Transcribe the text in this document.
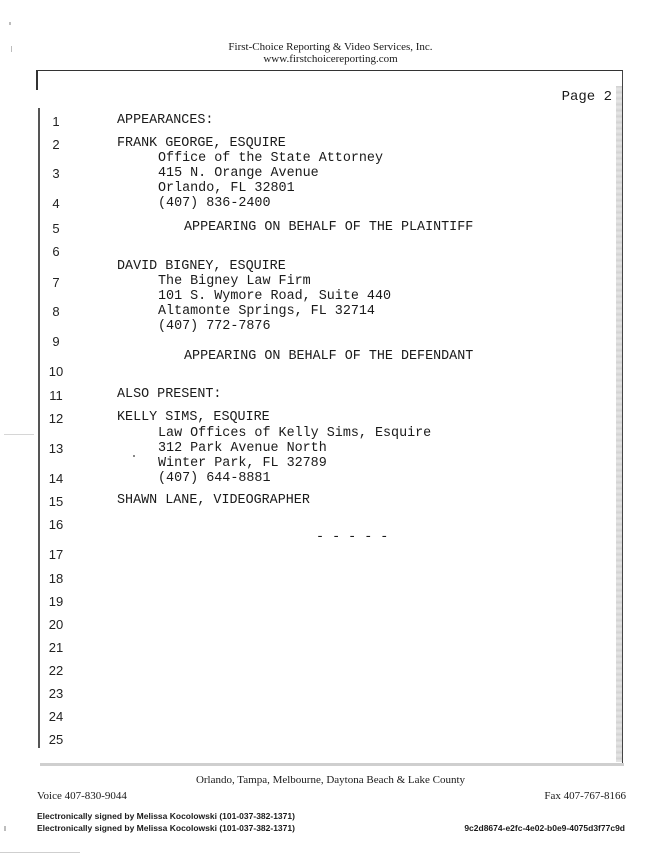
First-Choice Reporting & Video Services, Inc.
www.firstchoicereporting.com
Page 2
1
2
3
4
5
6
7
8
9
10
11
12
13
14
15
16
17
18
19
20
21
22
23
24
25
APPEARANCES:
FRANK GEORGE, ESQUIRE
Office of the State Attorney
415 N. Orange Avenue
Orlando, FL 32801
(407) 836-2400
APPEARING ON BEHALF OF THE PLAINTIFF
DAVID BIGNEY, ESQUIRE
The Bigney Law Firm
101 S. Wymore Road, Suite 440
Altamonte Springs, FL 32714
(407) 772-7876
APPEARING ON BEHALF OF THE DEFENDANT
ALSO PRESENT:
KELLY SIMS, ESQUIRE
Law Offices of Kelly Sims, Esquire
312 Park Avenue North
Winter Park, FL 32789
(407) 644-8881
SHAWN LANE, VIDEOGRAPHER
- - - - -
Orlando, Tampa, Melbourne, Daytona Beach & Lake County
Voice 407-830-9044	Fax 407-767-8166
Electronically signed by Melissa Kocolowski (101-037-382-1371)
Electronically signed by Melissa Kocolowski (101-037-382-1371)	9c2d8674-e2fc-4e02-b0e9-4075d3f77c9d
